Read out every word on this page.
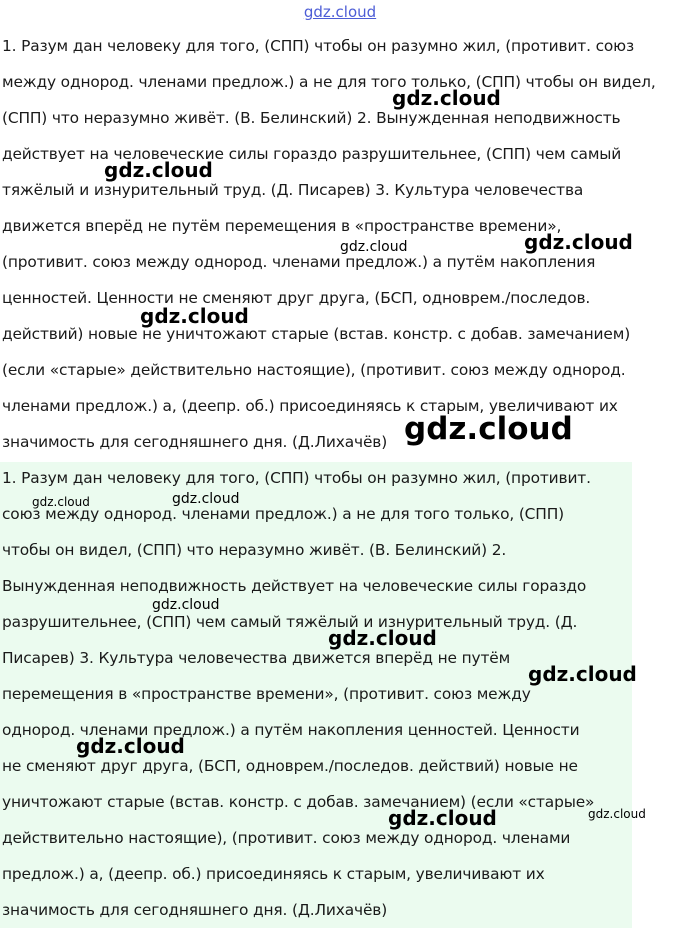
gdz.cloud
1. Разум дан человеку для того, (СПП) чтобы он разумно жил, (противит. союз
между однород. членами предлож.) а не для того только, (СПП) чтобы он видел,
(СПП) что неразумно живёт. (В. Белинский) 2. Вынужденная неподвижность
действует на человеческие силы гораздо разрушительнее, (СПП) чем самый
тяжёлый и изнурительный труд. (Д. Писарев) 3. Культура человечества
движется вперёд не путём перемещения в «пространстве времени»,
(противит. союз между однород. членами предлож.) а путём накопления
ценностей. Ценности не сменяют друг друга, (БСП, одноврем./последов.
действий) новые не уничтожают старые (встав. констр. с добав. замечанием)
(если «старые» действительно настоящие), (противит. союз между однород.
членами предлож.) а, (деепр. об.) присоединяясь к старым, увеличивают их
значимость для сегодняшнего дня. (Д.Лихачёв)
1. Разум дан человеку для того, (СПП) чтобы он разумно жил, (противит.
союз между однород. членами предлож.) а не для того только, (СПП)
чтобы он видел, (СПП) что неразумно живёт. (В. Белинский) 2.
Вынужденная неподвижность действует на человеческие силы гораздо
разрушительнее, (СПП) чем самый тяжёлый и изнурительный труд. (Д.
Писарев) 3. Культура человечества движется вперёд не путём
перемещения в «пространстве времени», (противит. союз между
однород. членами предлож.) а путём накопления ценностей. Ценности
не сменяют друг друга, (БСП, одноврем./последов. действий) новые не
уничтожают старые (встав. констр. с добав. замечанием) (если «старые»
действительно настоящие), (противит. союз между однород. членами
предлож.) а, (деепр. об.) присоединяясь к старым, увеличивают их
значимость для сегодняшнего дня. (Д.Лихачёв)
gdz.cloud
gdz.cloud
gdz.cloud	gdz.cloud
gdz.cloud
gdz.cloud
gdz.cloud	gdz.cloud
gdz.cloud
gdz.cloud
gdz.cloud
gdz.cloud
gdz.cloud	gdz.cloud
